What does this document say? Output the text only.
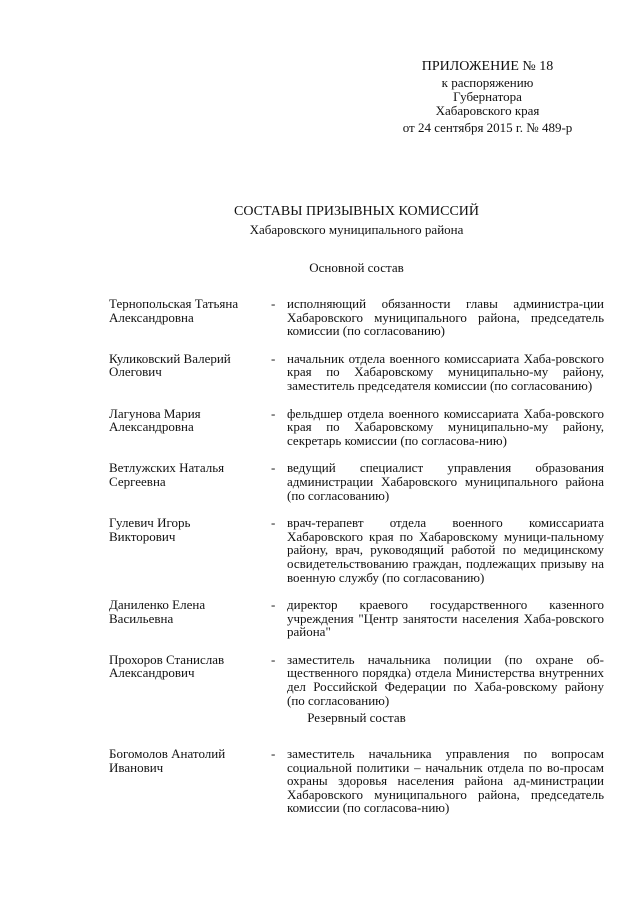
ПРИЛОЖЕНИЕ № 18
к распоряжению
Губернатора
Хабаровского края
от 24 сентября 2015 г. № 489-р
СОСТАВЫ ПРИЗЫВНЫХ КОМИССИЙ
Хабаровского муниципального района
Основной состав
Тернопольская Татьяна
Александровна
- исполняющий обязанности главы администра-ции Хабаровского муниципального района, председатель комиссии (по согласованию)
Куликовский Валерий
Олегович
- начальник отдела военного комиссариата Хаба-ровского края по Хабаровскому муниципально-му району, заместитель председателя комиссии (по согласованию)
Лагунова Мария
Александровна
- фельдшер отдела военного комиссариата Хаба-ровского края по Хабаровскому муниципально-му району, секретарь комиссии (по согласова-нию)
Ветлужских Наталья
Сергеевна
- ведущий специалист управления образования администрации Хабаровского муниципального района (по согласованию)
Гулевич Игорь
Викторович
- врач-терапевт отдела военного комиссариата Хабаровского края по Хабаровскому муници-пальному району, врач, руководящий работой по медицинскому освидетельствованию граждан, подлежащих призыву на военную службу (по согласованию)
Даниленко Елена
Васильевна
- директор краевого государственного казенного учреждения "Центр занятости населения Хаба-ровского района"
Прохоров Станислав
Александрович
- заместитель начальника полиции (по охране об-щественного порядка) отдела Министерства внутренних дел Российской Федерации по Хаба-ровскому району (по согласованию)
Резервный состав
Богомолов Анатолий
Иванович
- заместитель начальника управления по вопросам социальной политики – начальник отдела по во-просам охраны здоровья населения района ад-министрации Хабаровского муниципального района, председатель комиссии (по согласова-нию)
